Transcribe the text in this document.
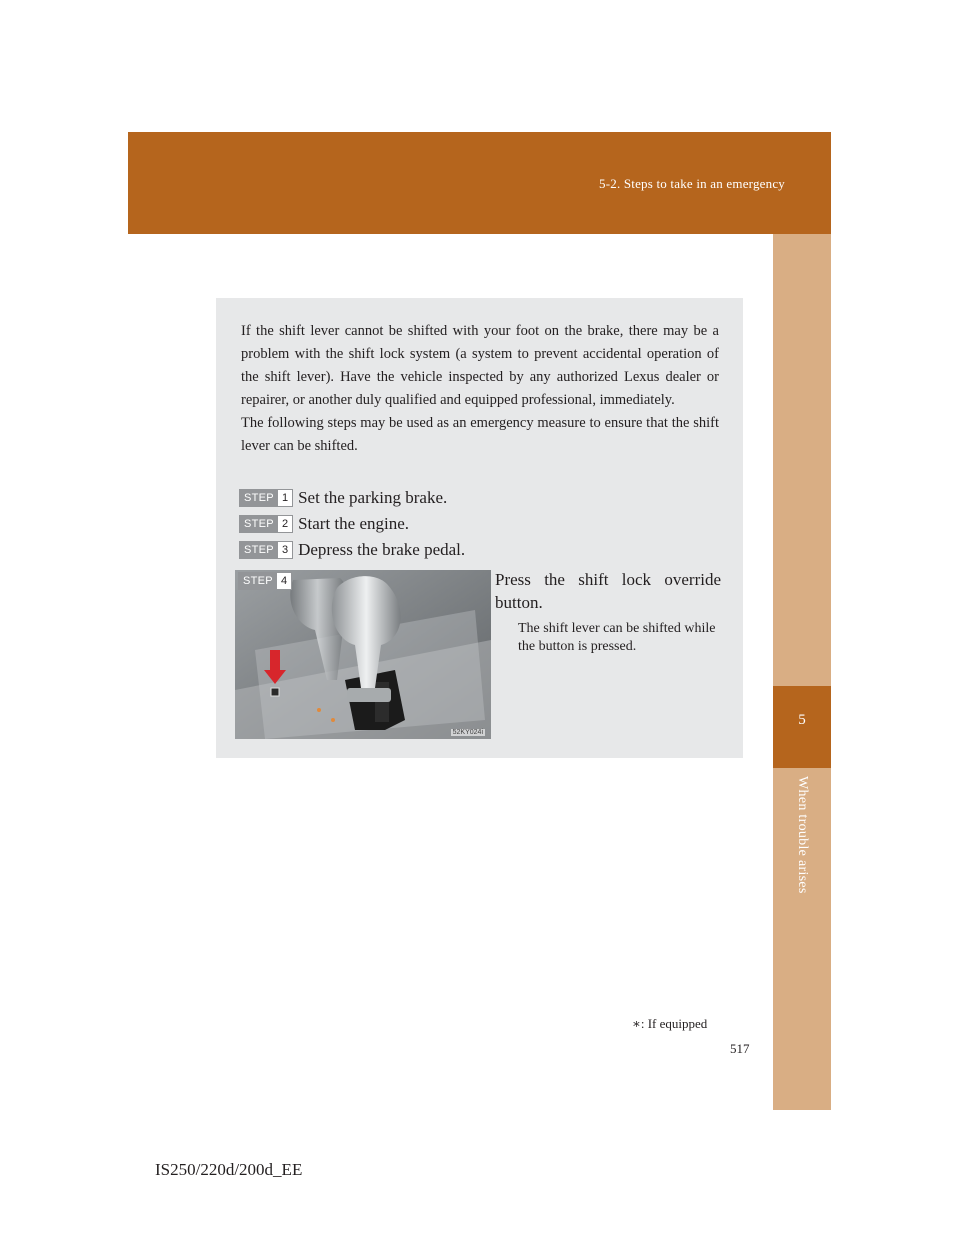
5-2. Steps to take in an emergency
5
When trouble arises

If the shift lever cannot be shifted with your foot on the brake, there may be a problem with the shift lock system (a system to prevent accidental operation of the shift lever). Have the vehicle inspected by any authorized Lexus dealer or repairer, or another duly qualified and equipped professional, immediately.

The following steps may be used as an emergency measure to ensure that the shift lever can be shifted.

STEP 1 Set the parking brake.
STEP 2 Start the engine.
STEP 3 Depress the brake pedal.
STEP 4
52KY024i
Press the shift lock override button.
The shift lever can be shifted while the button is pressed.
∗: If equipped
517
IS250/220d/200d_EE
